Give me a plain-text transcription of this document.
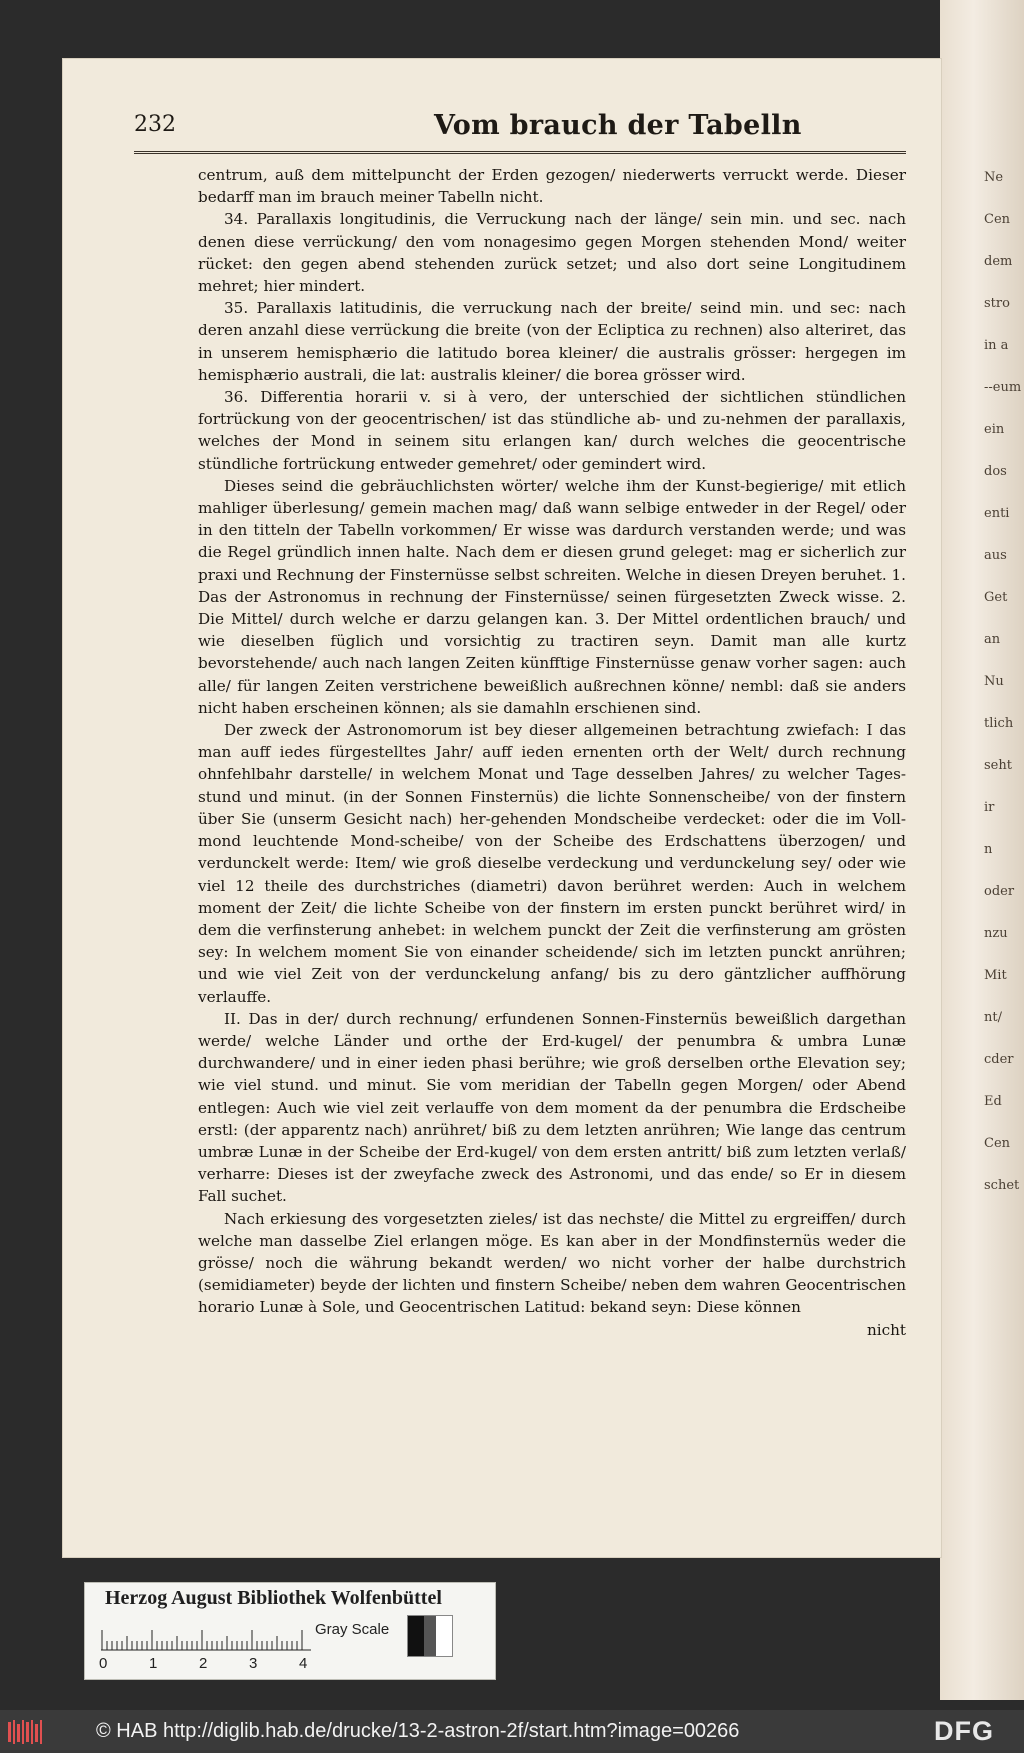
Ne
Cen
dem
stro
in a
--eum
ein
dos
enti
aus
Get
an
Nu
tlich
seht
ir
n
oder
nzu
Mit
nt/
cder
Ed
Cen
schet
232	Vom brauch der Tabelln

centrum, auß dem mittelpuncht der Erden gezogen/ niederwerts verruckt werde. Dieser bedarff man im brauch meiner Tabelln nicht.

34. Parallaxis longitudinis, die Verruckung nach der länge/ sein min. und sec. nach denen diese verrückung/ den vom nonagesimo gegen Morgen stehenden Mond/ weiter rücket: den gegen abend stehenden zurück setzet; und also dort seine Longitudinem mehret; hier mindert.

35. Parallaxis latitudinis, die verruckung nach der breite/ seind min. und sec: nach deren anzahl diese verrückung die breite (von der Ecliptica zu rechnen) also alteriret, das in unserem hemisphærio die latitudo borea kleiner/ die australis grösser: hergegen im hemisphærio australi, die lat: australis kleiner/ die borea grösser wird.

36. Differentia horarii v. si à vero, der unterschied der sichtlichen stündlichen fortrückung von der geocentrischen/ ist das stündliche ab- und zu-nehmen der parallaxis, welches der Mond in seinem situ erlangen kan/ durch welches die geocentrische stündliche fortrückung entweder gemehret/ oder gemindert wird.

Dieses seind die gebräuchlichsten wörter/ welche ihm der Kunst-begierige/ mit etlich mahliger überlesung/ gemein machen mag/ daß wann selbige entweder in der Regel/ oder in den titteln der Tabelln vorkommen/ Er wisse was dardurch verstanden werde; und was die Regel gründlich innen halte. Nach dem er diesen grund geleget: mag er sicherlich zur praxi und Rechnung der Finsternüsse selbst schreiten. Welche in diesen Dreyen beruhet. 1. Das der Astronomus in rechnung der Finsternüsse/ seinen fürgesetzten Zweck wisse. 2. Die Mittel/ durch welche er darzu gelangen kan. 3. Der Mittel ordentlichen brauch/ und wie dieselben füglich und vorsichtig zu tractiren seyn. Damit man alle kurtz bevorstehende/ auch nach langen Zeiten künfftige Finsternüsse genaw vorher sagen: auch alle/ für langen Zeiten verstrichene beweißlich außrechnen könne/ nembl: daß sie anders nicht haben erscheinen können; als sie damahln erschienen sind.

Der zweck der Astronomorum ist bey dieser allgemeinen betrachtung zwiefach: I das man auff iedes fürgestelltes Jahr/ auff ieden ernenten orth der Welt/ durch rechnung ohnfehlbahr darstelle/ in welchem Monat und Tage desselben Jahres/ zu welcher Tages-stund und minut. (in der Sonnen Finsternüs) die lichte Sonnenscheibe/ von der finstern über Sie (unserm Gesicht nach) her-gehenden Mondscheibe verdecket: oder die im Voll-mond leuchtende Mond-scheibe/ von der Scheibe des Erdschattens überzogen/ und verdunckelt werde: Item/ wie groß dieselbe verdeckung und verdunckelung sey/ oder wie viel 12 theile des durchstriches (diametri) davon berühret werden: Auch in welchem moment der Zeit/ die lichte Scheibe von der finstern im ersten punckt berühret wird/ in dem die verfinsterung anhebet: in welchem punckt der Zeit die verfinsterung am grösten sey: In welchem moment Sie von einander scheidende/ sich im letzten punckt anrühren; und wie viel Zeit von der verdunckelung anfang/ bis zu dero gäntzlicher auffhörung verlauffe.

II. Das in der/ durch rechnung/ erfundenen Sonnen-Finsternüs beweißlich dargethan werde/ welche Länder und orthe der Erd-kugel/ der penumbra & umbra Lunæ durchwandere/ und in einer ieden phasi berühre; wie groß derselben orthe Elevation sey; wie viel stund. und minut. Sie vom meridian der Tabelln gegen Morgen/ oder Abend entlegen: Auch wie viel zeit verlauffe von dem moment da der penumbra die Erdscheibe erstl: (der apparentz nach) anrühret/ biß zu dem letzten anrühren; Wie lange das centrum umbræ Lunæ in der Scheibe der Erd-kugel/ von dem ersten antritt/ biß zum letzten verlaß/ verharre: Dieses ist der zweyfache zweck des Astronomi, und das ende/ so Er in diesem Fall suchet.

Nach erkiesung des vorgesetzten zieles/ ist das nechste/ die Mittel zu ergreiffen/ durch welche man dasselbe Ziel erlangen möge. Es kan aber in der Mondfinsternüs weder die grösse/ noch die währung bekandt werden/ wo nicht vorher der halbe durchstrich (semidiameter) beyde der lichten und finstern Scheibe/ neben dem wahren Geocentrischen horario Lunæ à Sole, und Geocentrischen Latitud: bekand seyn: Diese können

nicht

Herzog August Bibliothek Wolfenbüttel
Gray Scale
0	1	2	3	4
© HAB http://diglib.hab.de/drucke/13-2-astron-2f/start.htm?image=00266	DFG
